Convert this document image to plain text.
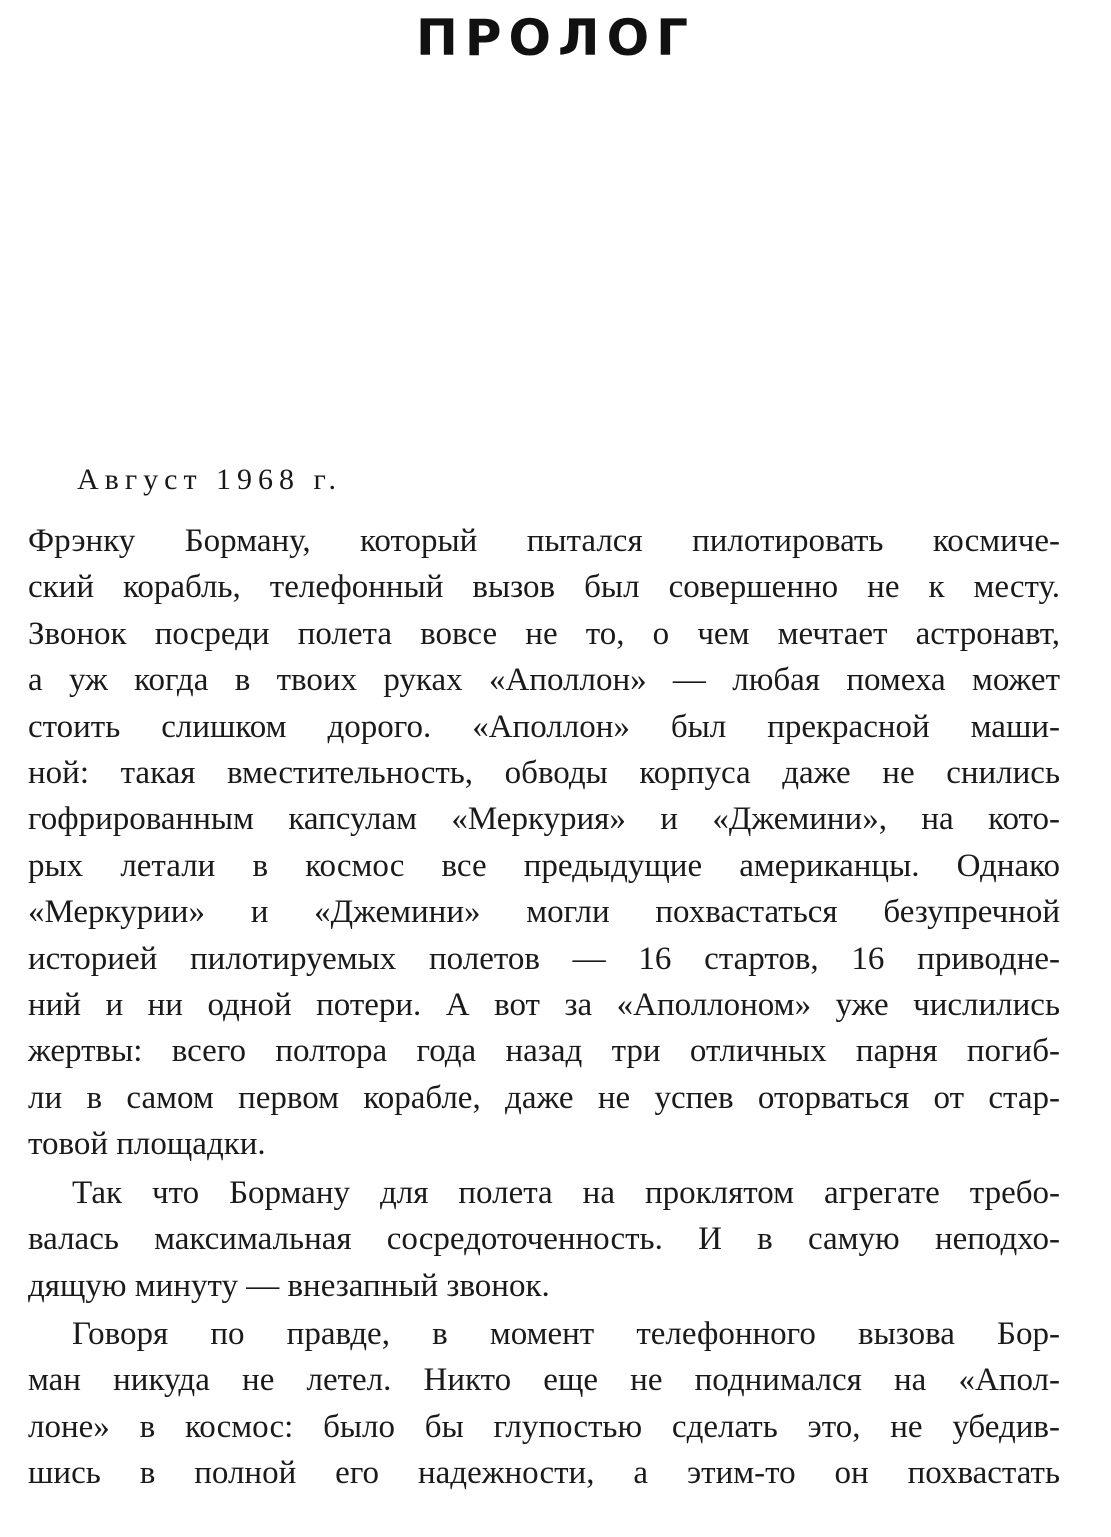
ПРОЛОГ

Август 1968 г.

Фрэнку Борману, который пытался пилотировать космиче-
ский корабль, телефонный вызов был совершенно не к месту.
Звонок посреди полета вовсе не то, о чем мечтает астронавт,
а уж когда в твоих руках «Аполлон» — любая помеха может
стоить слишком дорого. «Аполлон» был прекрасной маши-
ной: такая вместительность, обводы корпуса даже не снились
гофрированным капсулам «Меркурия» и «Джемини», на кото-
рых летали в космос все предыдущие американцы. Однако
«Меркурии» и «Джемини» могли похвастаться безупречной
историей пилотируемых полетов — 16 стартов, 16 приводне-
ний и ни одной потери. А вот за «Аполлоном» уже числились
жертвы: всего полтора года назад три отличных парня погиб-
ли в самом первом корабле, даже не успев оторваться от стар-
товой площадки.
Так что Борману для полета на проклятом агрегате требо-
валась максимальная сосредоточенность. И в самую неподхо-
дящую минуту — внезапный звонок.
Говоря по правде, в момент телефонного вызова Бор-
ман никуда не летел. Никто еще не поднимался на «Апол-
лоне» в космос: было бы глупостью сделать это, не убедив-
шись в полной его надежности, а этим-то он похвастать
